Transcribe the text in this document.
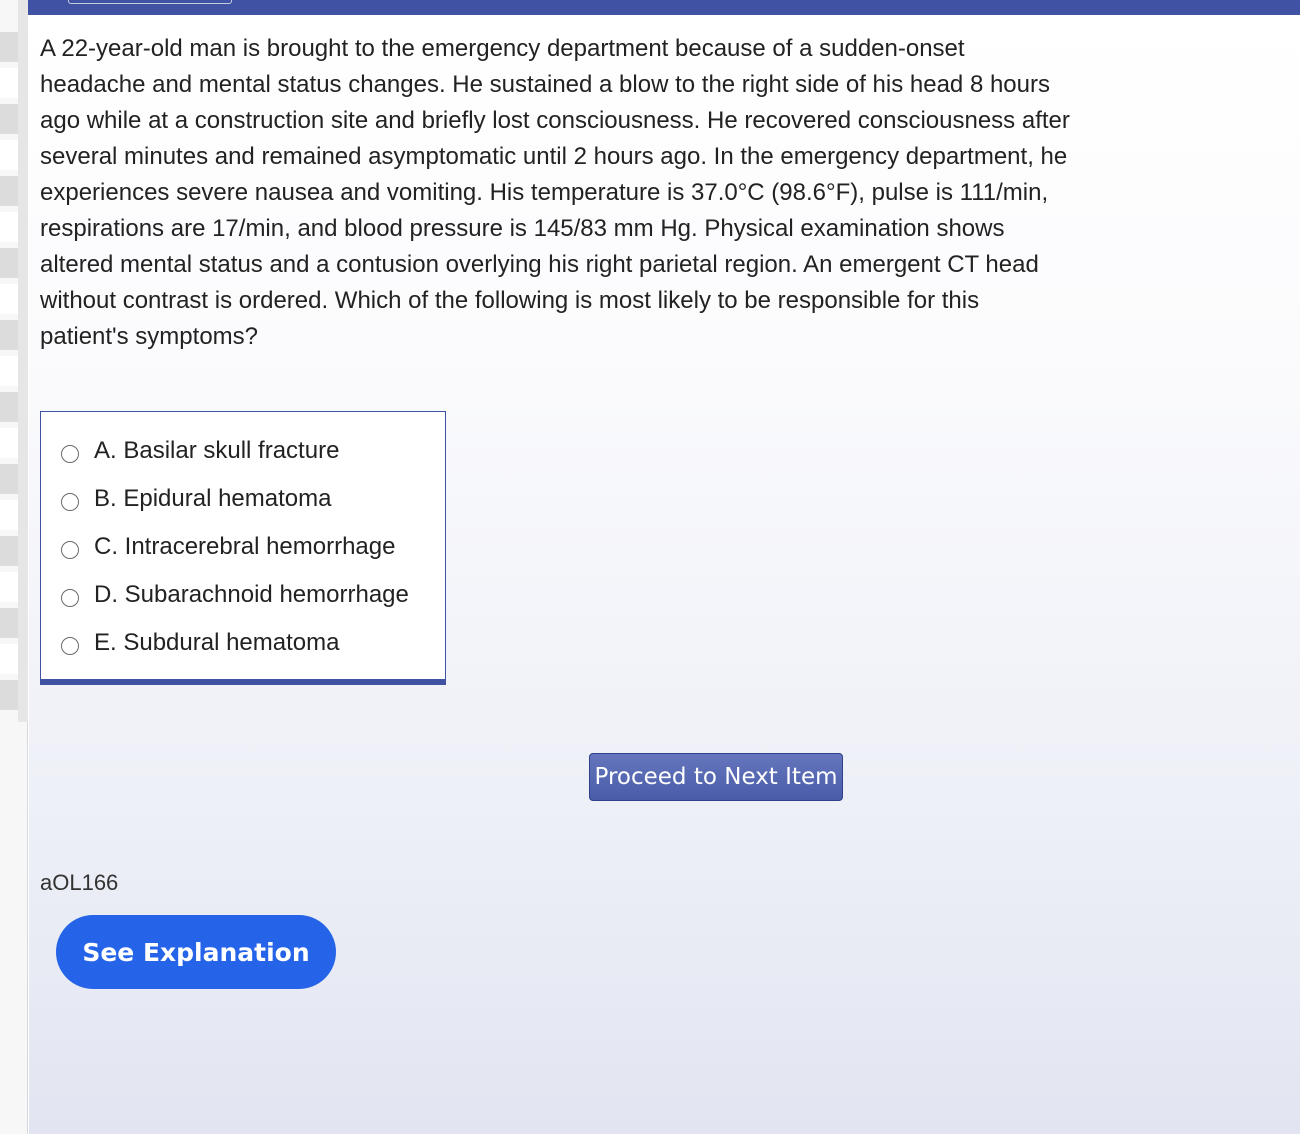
A 22-year-old man is brought to the emergency department because of a sudden-onset headache and mental status changes. He sustained a blow to the right side of his head 8 hours ago while at a construction site and briefly lost consciousness. He recovered consciousness after several minutes and remained asymptomatic until 2 hours ago. In the emergency department, he experiences severe nausea and vomiting. His temperature is 37.0°C (98.6°F), pulse is 111/min, respirations are 17/min, and blood pressure is 145/83 mm Hg. Physical examination shows altered mental status and a contusion overlying his right parietal region. An emergent CT head without contrast is ordered. Which of the following is most likely to be responsible for this patient's symptoms?

A. Basilar skull fracture
B. Epidural hematoma
C. Intracerebral hemorrhage
D. Subarachnoid hemorrhage
E. Subdural hematoma
Proceed to Next Item
aOL166
See Explanation
